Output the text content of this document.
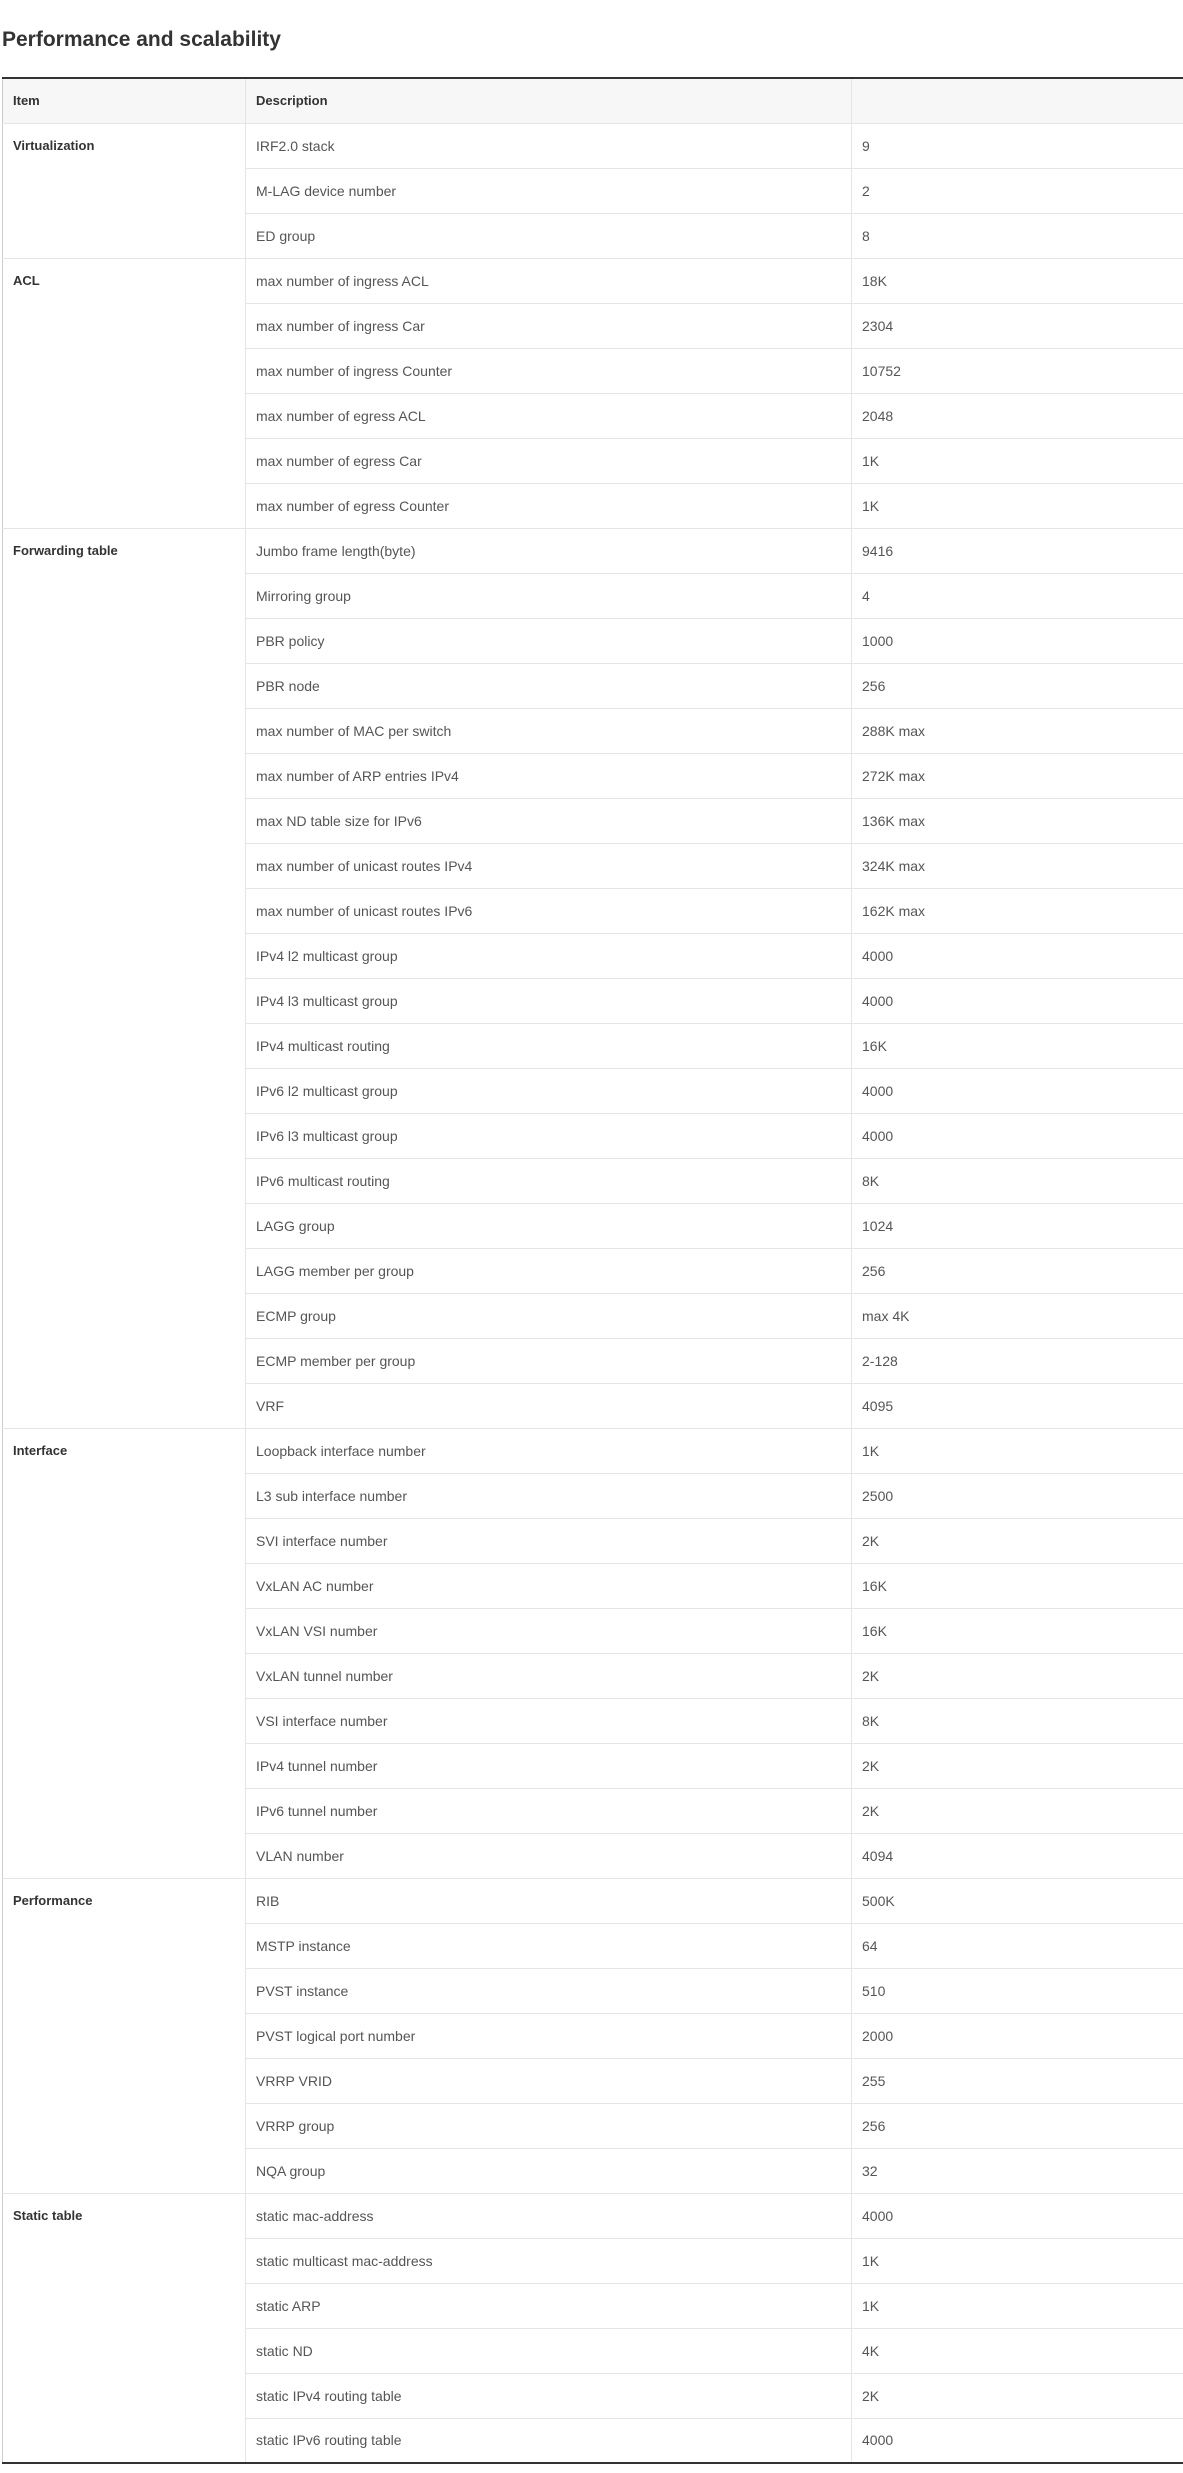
Performance and scalability
Item	Description	
Virtualization	IRF2.0 stack	9
	M-LAG device number	2
	ED group	8
ACL	max number of ingress ACL	18K
	max number of ingress Car	2304
	max number of ingress Counter	10752
	max number of egress ACL	2048
	max number of egress Car	1K
	max number of egress Counter	1K
Forwarding table	Jumbo frame length(byte)	9416
	Mirroring group	4
	PBR policy	1000
	PBR node	256
	max number of MAC per switch	288K max
	max number of ARP entries IPv4	272K max
	max ND table size for IPv6	136K max
	max number of unicast routes IPv4	324K max
	max number of unicast routes IPv6	162K max
	IPv4 l2 multicast group	4000
	IPv4 l3 multicast group	4000
	IPv4 multicast routing	16K
	IPv6 l2 multicast group	4000
	IPv6 l3 multicast group	4000
	IPv6 multicast routing	8K
	LAGG group	1024
	LAGG member per group	256
	ECMP group	max 4K
	ECMP member per group	2-128
	VRF	4095
Interface	Loopback interface number	1K
	L3 sub interface number	2500
	SVI interface number	2K
	VxLAN AC number	16K
	VxLAN VSI number	16K
	VxLAN tunnel number	2K
	VSI interface number	8K
	IPv4 tunnel number	2K
	IPv6 tunnel number	2K
	VLAN number	4094
Performance	RIB	500K
	MSTP instance	64
	PVST instance	510
	PVST logical port number	2000
	VRRP VRID	255
	VRRP group	256
	NQA group	32
Static table	static mac-address	4000
	static multicast mac-address	1K
	static ARP	1K
	static ND	4K
	static IPv4 routing table	2K
	static IPv6 routing table	4000
